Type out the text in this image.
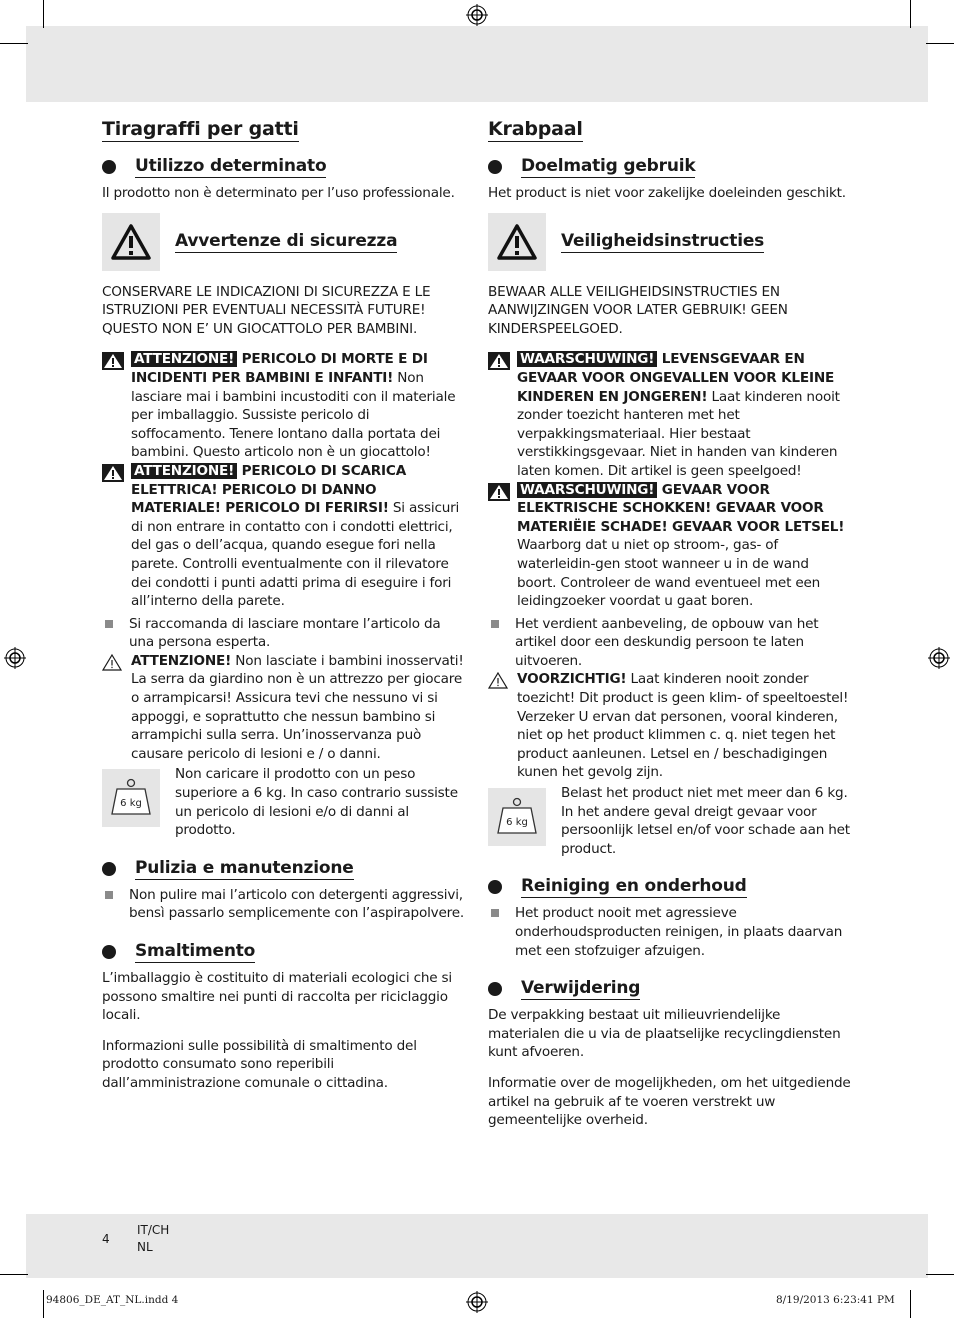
Tiragraffi per gatti
Utilizzo determinato
Il prodotto non è determinato per l’uso professionale.
Avvertenze di sicurezza
CONSERVARE LE INDICAZIONI DI SICUREZZA E LE ISTRUZIONI PER EVENTUALI NECESSITÀ FUTURE! QUESTO NON E’ UN GIOCATTOLO PER BAMBINI.
ATTENZIONE! PERICOLO DI MORTE E DI INCIDENTI PER BAMBINI E INFANTI! Non lasciare mai i bambini incustoditi con il materiale per imballaggio. Sussiste pericolo di soffocamento. Tenere lontano dalla portata dei bambini. Questo articolo non è un giocattolo!
ATTENZIONE! PERICOLO DI SCARICA ELETTRICA! PERICOLO DI DANNO MATERIALE! PERICOLO DI FERIRSI! Si assicuri di non entrare in contatto con i condotti elettrici, del gas o dell’acqua, quando esegue fori nella parete. Controlli eventualmente con il rilevatore dei condotti i punti adatti prima di eseguire i fori all’interno della parete.
Si raccomanda di lasciare montare l’articolo da una persona esperta.
ATTENZIONE! Non lasciate i bambini inosservati! La serra da giardino non è un attrezzo per giocare o arrampicarsi! Assicura tevi che nessuno vi si appoggi, e soprattutto che nessun bambino si arrampichi sulla serra. Un’inosservanza può causare pericolo di lesioni e / o danni.
6 kg
Non caricare il prodotto con un peso superiore a 6 kg. In caso contrario sussiste un pericolo di lesioni e/o di danni al prodotto.
Pulizia e manutenzione
Non pulire mai l’articolo con detergenti aggressivi, bensì passarlo semplicemente con l’aspirapolvere.
Smaltimento
L’imballaggio è costituito di materiali ecologici che si possono smaltire nei punti di raccolta per riciclaggio locali.
Informazioni sulle possibilità di smaltimento del prodotto consumato sono reperibili dall’amministrazione comunale o cittadina.
Krabpaal
Doelmatig gebruik
Het product is niet voor zakelijke doeleinden geschikt.
Veiligheidsinstructies
BEWAAR ALLE VEILIGHEIDSINSTRUCTIES EN AANWIJZINGEN VOOR LATER GEBRUIK! GEEN KINDERSPEELGOED.
WAARSCHUWING! LEVENSGEVAAR EN GEVAAR VOOR ONGEVALLEN VOOR KLEINE KINDEREN EN JONGEREN! Laat kinderen nooit zonder toezicht hanteren met het verpakkingsmateriaal. Hier bestaat verstikkingsgevaar. Niet in handen van kinderen laten komen. Dit artikel is geen speelgoed!
WAARSCHUWING! GEVAAR VOOR ELEKTRISCHE SCHOKKEN! GEVAAR VOOR MATERIËIE SCHADE! GEVAAR VOOR LETSEL! Waarborg dat u niet op stroom-, gas- of waterleidin-gen stoot wanneer u in de wand boort. Controleer de wand eventueel met een leidingzoeker voordat u gaat boren.
Het verdient aanbeveling, de opbouw van het artikel door een deskundig persoon te laten uitvoeren.
VOORZICHTIG! Laat kinderen nooit zonder toezicht! Dit product is geen klim- of speeltoestel! Verzeker U ervan dat personen, vooral kinderen, niet op het product klimmen c. q. niet tegen het product aanleunen. Letsel en / beschadigingen kunen het gevolg zijn.
6 kg
Belast het product niet met meer dan 6 kg. In het andere geval dreigt gevaar voor persoonlijk letsel en/of voor schade aan het product.
Reiniging en onderhoud
Het product nooit met agressieve onderhoudsproducten reinigen, in plaats daarvan met een stofzuiger afzuigen.
Verwijdering
De verpakking bestaat uit milieuvriendelijke materialen die u via de plaatselijke recyclingdiensten kunt afvoeren.
Informatie over de mogelijkheden, om het uitgediende artikel na gebruik af te voeren verstrekt uw gemeentelijke overheid.
4
IT/CH
NL
94806_DE_AT_NL.indd 4	8/19/2013 6:23:41 PM
